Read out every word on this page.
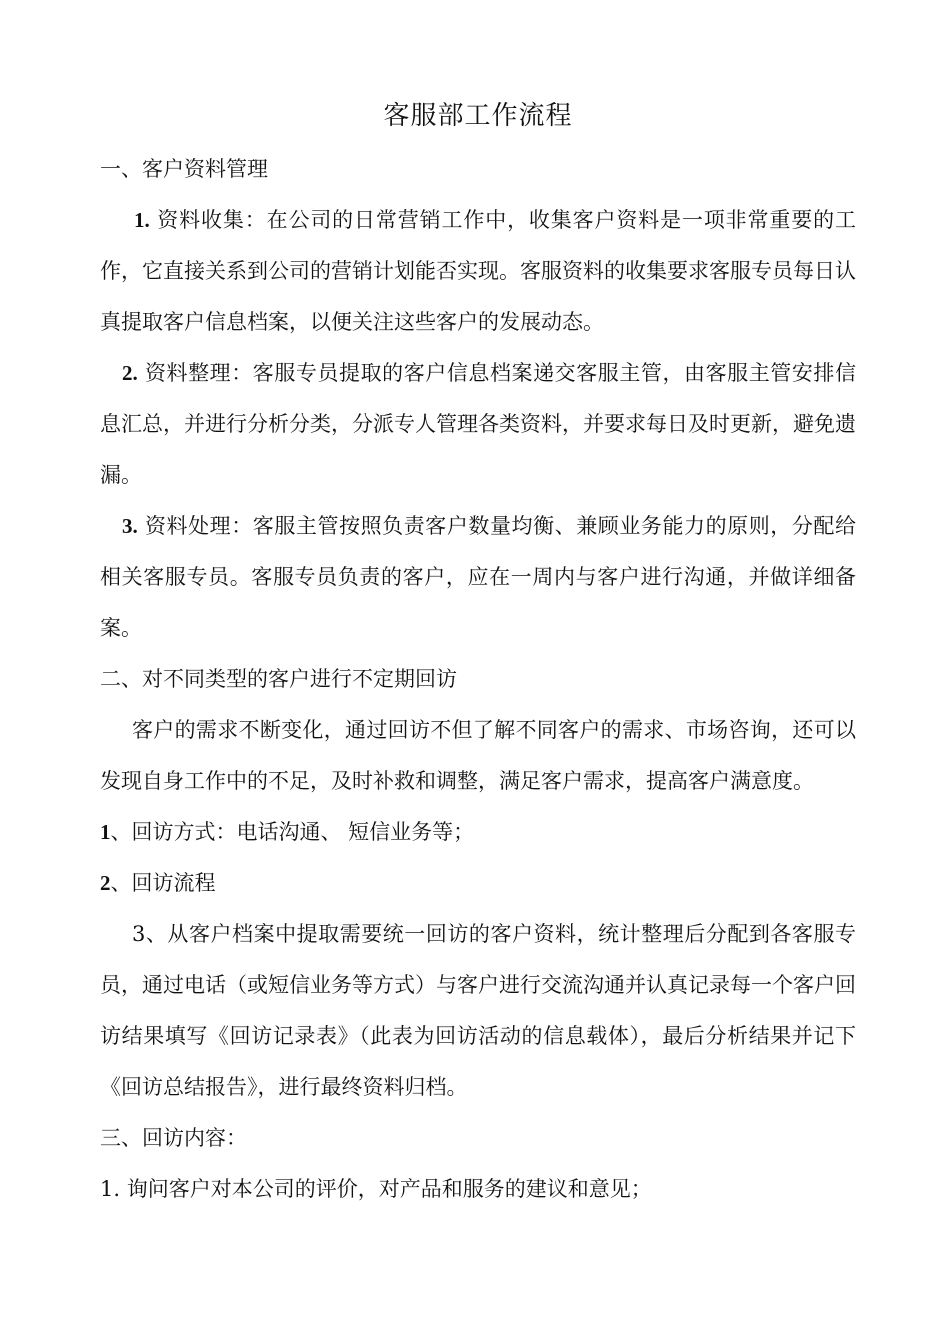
客服部工作流程

一、客户资料管理

1. 资料收集：在公司的日常营销工作中，收集客户资料是一项非常重要的工作，它直接关系到公司的营销计划能否实现。客服资料的收集要求客服专员每日认真提取客户信息档案，以便关注这些客户的发展动态。

2. 资料整理：客服专员提取的客户信息档案递交客服主管，由客服主管安排信息汇总，并进行分析分类，分派专人管理各类资料，并要求每日及时更新，避免遗漏。

3. 资料处理：客服主管按照负责客户数量均衡、兼顾业务能力的原则，分配给相关客服专员。客服专员负责的客户，应在一周内与客户进行沟通，并做详细备案。

二、对不同类型的客户进行不定期回访

客户的需求不断变化，通过回访不但了解不同客户的需求、市场咨询，还可以发现自身工作中的不足，及时补救和调整，满足客户需求，提高客户满意度。

1、回访方式：电话沟通、 短信业务等；

2、回访流程

3、从客户档案中提取需要统一回访的客户资料，统计整理后分配到各客服专员，通过电话（或短信业务等方式）与客户进行交流沟通并认真记录每一个客户回访结果填写《回访记录表》（此表为回访活动的信息载体），最后分析结果并记下《回访总结报告》，进行最终资料归档。

三、回访内容：

1. 询问客户对本公司的评价，对产品和服务的建议和意见；
